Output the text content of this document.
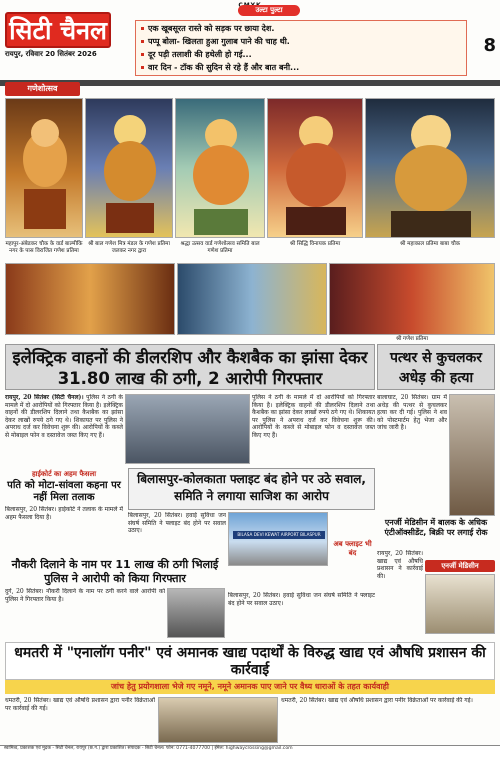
सिटी चैनल
रायपुर, रविवार 20 सितंबर 2026
उल्टा पुल्टा
एक खूबसूरत रास्ते को सड़क पर छाया देश.
पप्पू बोला- खिलता हुआ गुलाब पाने की चाह थी.
दूर पड़ी तलाशी की हथेली हो गई...
वार दिन - टॉक की सुदिन से रहे हैं और बात बनी...
8
गणेशोत्सव
महापुर-अंबेडकर चौक के वार्ड बाल्मीकि नगर के पास विराजित गणेश प्रतिमा
श्री बाल गणेश मित्र मंडल के गणेश प्रतिमा जलकर नगर द्वारा
श्रद्धा उत्सव वार्ड गणेशोत्सव समिति बाल गणेश प्रतिमा
श्री सिद्धि विनायक प्रतिमा	श्री महाकाल प्रतिमा बाबा चौक
श्री गणेश प्रतिमा
इलेक्ट्रिक वाहनों की डीलरशिप और कैशबैक का झांसा देकर 31.80 लाख की ठगी, 2 आरोपी गिरफ्तार
पत्थर से कुचलकर अधेड़ की हत्या

रायपुर, 20 सितंबर (सिटी चैनल)। पुलिस ने ठगी के मामले में दो आरोपियों को गिरफ्तार किया है। इलेक्ट्रिक वाहनों की डीलरशिप दिलाने तथा कैशबैक का झांसा देकर लाखों रुपये ठगे गए थे। शिकायत पर पुलिस ने अपराध दर्ज कर विवेचना शुरू की। आरोपियों के कब्जे से मोबाइल फोन व दस्तावेज जब्त किए गए हैं।

पुलिस ने ठगी के मामले में दो आरोपियों को गिरफ्तार किया है। इलेक्ट्रिक वाहनों की डीलरशिप दिलाने तथा कैशबैक का झांसा देकर लाखों रुपये ठगे गए थे। शिकायत पर पुलिस ने अपराध दर्ज कर विवेचना शुरू की। आरोपियों के कब्जे से मोबाइल फोन व दस्तावेज जब्त किए गए हैं।

बालाघाट, 20 सितंबर। ग्राम में अधेड़ की पत्थर से कुचलकर हत्या कर दी गई। पुलिस ने शव को पोस्टमार्टम हेतु भेजा और जांच जारी है।

हाईकोर्ट का अहम फैसला
पति को मोटा-सांवला कहना पर नहीं मिला तलाक

बिलासपुर, 20 सितंबर। हाईकोर्ट ने तलाक के मामले में अहम फैसला दिया है।

बिलासपुर-कोलकाता फ्लाइट बंद होने पर उठे सवाल, समिति ने लगाया साजिश का आरोप
BILASA DEVI KEWAT AIRPORT BILASPUR

बिलासपुर, 20 सितंबर। हवाई सुविधा जन संघर्ष समिति ने फ्लाइट बंद होने पर सवाल उठाए।

अब फ्लाइट भी बंद
एनर्जी मेडिसीन में बालक के अधिक एंटीऑक्सीडेंट, बिक्री पर लगाई रोक
एनर्जी मेडिसीन

रायपुर, 20 सितंबर। खाद्य एवं औषधि प्रशासन ने कार्रवाई की।

नौकरी दिलाने के नाम पर 11 लाख की ठगी भिलाई पुलिस ने आरोपी को किया गिरफ्तार

दुर्ग, 20 सितंबर। नौकरी दिलाने के नाम पर ठगी करने वाले आरोपी को पुलिस ने गिरफ्तार किया है।

बिलासपुर, 20 सितंबर। हवाई सुविधा जन संघर्ष समिति ने फ्लाइट बंद होने पर सवाल उठाए।

धमतरी में "एनालॉग पनीर" एवं अमानक खाद्य पदार्थों के विरुद्ध खाद्य एवं औषधि प्रशासन की कार्रवाई
जांच हेतु प्रयोगशाला भेजे गए नमूने, नमूने अमानक पाए जाने पर वैध्य धाराओं के तहत कार्यवाही

धमतरी, 20 सितंबर। खाद्य एवं औषधि प्रशासन द्वारा पनीर विक्रेताओं पर कार्रवाई की गई।

धमतरी, 20 सितंबर। खाद्य एवं औषधि प्रशासन द्वारा पनीर विक्रेताओं पर कार्रवाई की गई।

स्वामित्व, प्रकाशक एवं मुद्रक - सिटी चैनल, रायपुर (छ.ग.) द्वारा प्रकाशित। संपादक - सिटी चैनल। फोन: 0771-4077700 | ईमेल: highwaycrossing@gmail.com
